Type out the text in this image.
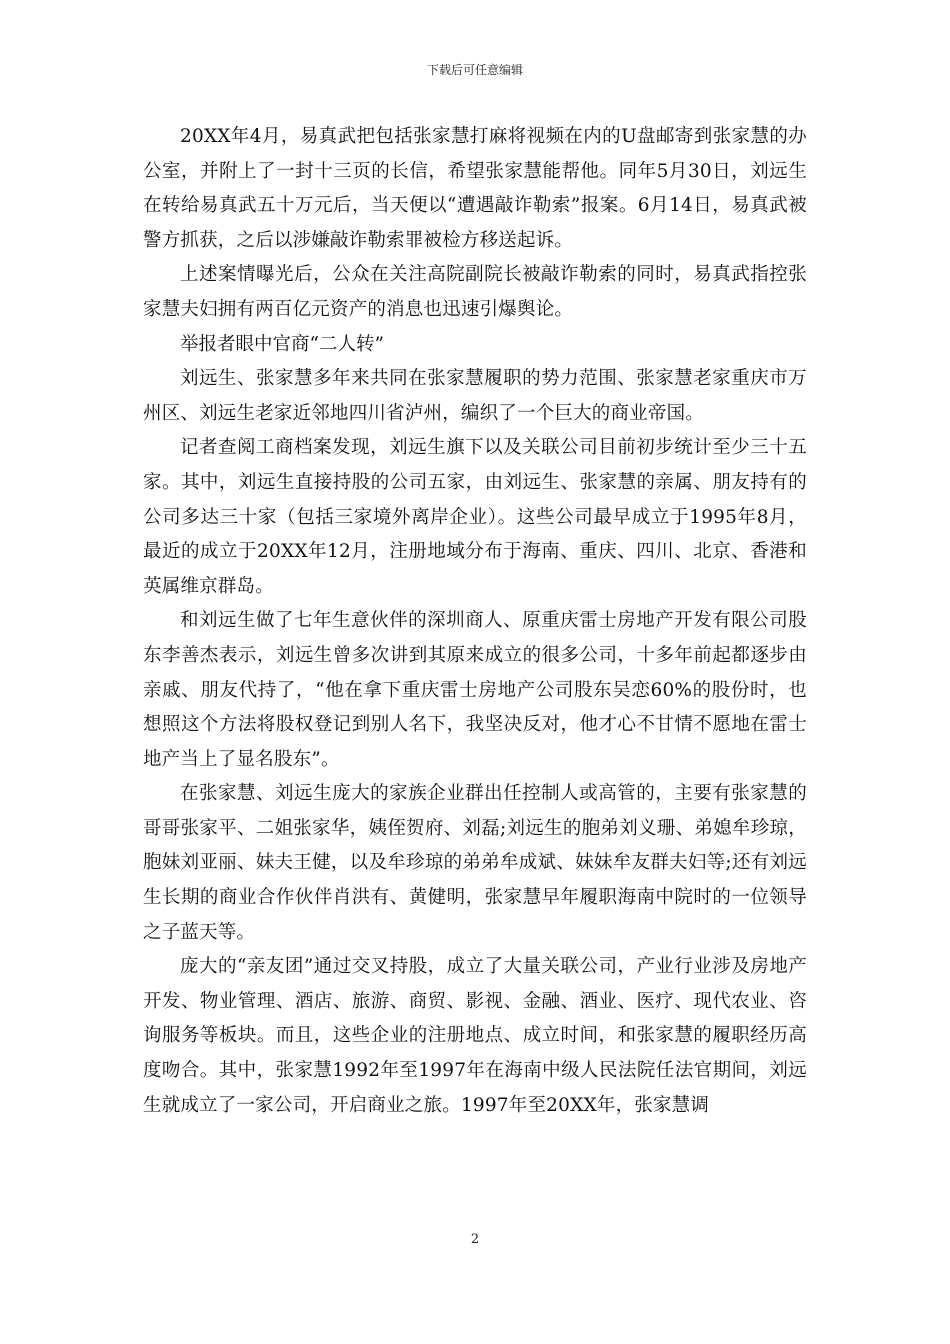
下载后可任意编辑

20XX年4月，易真武把包括张家慧打麻将视频在内的U盘邮寄到张家慧的办公室，并附上了一封十三页的长信，希望张家慧能帮他。同年5月30日，刘远生在转给易真武五十万元后，当天便以“遭遇敲诈勒索”报案。6月14日，易真武被警方抓获，之后以涉嫌敲诈勒索罪被检方移送起诉。

上述案情曝光后，公众在关注高院副院长被敲诈勒索的同时，易真武指控张家慧夫妇拥有两百亿元资产的消息也迅速引爆舆论。

举报者眼中官商“二人转”

刘远生、张家慧多年来共同在张家慧履职的势力范围、张家慧老家重庆市万州区、刘远生老家近邻地四川省泸州，编织了一个巨大的商业帝国。

记者查阅工商档案发现，刘远生旗下以及关联公司目前初步统计至少三十五家。其中，刘远生直接持股的公司五家，由刘远生、张家慧的亲属、朋友持有的公司多达三十家（包括三家境外离岸企业）。这些公司最早成立于1995年8月，最近的成立于20XX年12月，注册地域分布于海南、重庆、四川、北京、香港和英属维京群岛。

和刘远生做了七年生意伙伴的深圳商人、原重庆雷士房地产开发有限公司股东李善杰表示，刘远生曾多次讲到其原来成立的很多公司，十多年前起都逐步由亲戚、朋友代持了，“他在拿下重庆雷士房地产公司股东吴恋60%的股份时，也想照这个方法将股权登记到别人名下，我坚决反对，他才心不甘情不愿地在雷士地产当上了显名股东”。

在张家慧、刘远生庞大的家族企业群出任控制人或高管的，主要有张家慧的哥哥张家平、二姐张家华，姨侄贺府、刘磊;刘远生的胞弟刘义珊、弟媳牟珍琼，胞妹刘亚丽、妹夫王健，以及牟珍琼的弟弟牟成斌、妹妹牟友群夫妇等;还有刘远生长期的商业合作伙伴肖洪有、黄健明，张家慧早年履职海南中院时的一位领导之子蓝天等。

庞大的“亲友团”通过交叉持股，成立了大量关联公司，产业行业涉及房地产开发、物业管理、酒店、旅游、商贸、影视、金融、酒业、医疗、现代农业、咨询服务等板块。而且，这些企业的注册地点、成立时间，和张家慧的履职经历高度吻合。其中，张家慧1992年至1997年在海南中级人民法院任法官期间，刘远生就成立了一家公司，开启商业之旅。1997年至20XX年，张家慧调

2
